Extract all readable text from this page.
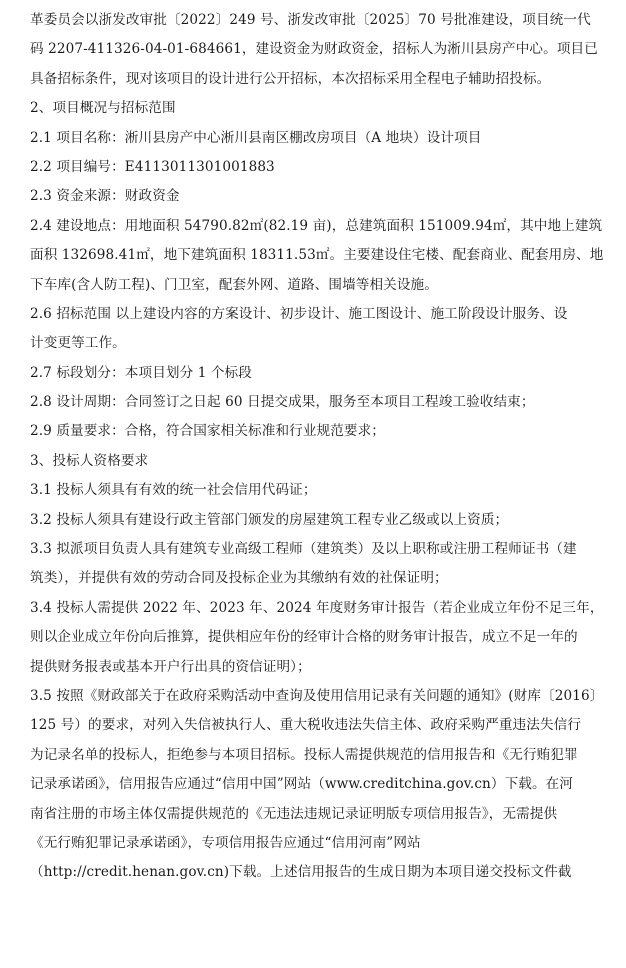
革委员会以浙发改审批〔2022〕249 号、浙发改审批〔2025〕70 号批准建设，项目统一代
码 2207-411326-04-01-684661，建设资金为财政资金，招标人为淅川县房产中心。项目已
具备招标条件，现对该项目的设计进行公开招标，本次招标采用全程电子辅助招投标。
2、项目概况与招标范围
2.1 项目名称：淅川县房产中心淅川县南区棚改房项目（A 地块）设计项目
2.2 项目编号：E4113011301001883
2.3 资金来源：财政资金
2.4 建设地点：用地面积 54790.82㎡(82.19 亩)，总建筑面积 151009.94㎡，其中地上建筑
面积 132698.41㎡，地下建筑面积 18311.53㎡。主要建设住宅楼、配套商业、配套用房、地
下车库(含人防工程)、门卫室，配套外网、道路、围墙等相关设施。
2.6 招标范围 以上建设内容的方案设计、初步设计、施工图设计、施工阶段设计服务、设
计变更等工作。
2.7 标段划分：本项目划分 1 个标段
2.8 设计周期：合同签订之日起 60 日提交成果，服务至本项目工程竣工验收结束；
2.9 质量要求：合格，符合国家相关标准和行业规范要求；
3、投标人资格要求
3.1 投标人须具有有效的统一社会信用代码证；
3.2 投标人须具有建设行政主管部门颁发的房屋建筑工程专业乙级或以上资质；
3.3 拟派项目负责人具有建筑专业高级工程师（建筑类）及以上职称或注册工程师证书（建
筑类），并提供有效的劳动合同及投标企业为其缴纳有效的社保证明；
3.4 投标人需提供 2022 年、2023 年、2024 年度财务审计报告（若企业成立年份不足三年，
则以企业成立年份向后推算，提供相应年份的经审计合格的财务审计报告，成立不足一年的
提供财务报表或基本开户行出具的资信证明）；
3.5 按照《财政部关于在政府采购活动中查询及使用信用记录有关问题的通知》(财库〔2016〕
125 号）的要求，对列入失信被执行人、重大税收违法失信主体、政府采购严重违法失信行
为记录名单的投标人，拒绝参与本项目招标。投标人需提供规范的信用报告和《无行贿犯罪
记录承诺函》，信用报告应通过“信用中国”网站（www.creditchina.gov.cn）下载。在河
南省注册的市场主体仅需提供规范的《无违法违规记录证明版专项信用报告》，无需提供
《无行贿犯罪记录承诺函》，专项信用报告应通过“信用河南”网站
（http://credit.henan.gov.cn)下载。上述信用报告的生成日期为本项目递交投标文件截
